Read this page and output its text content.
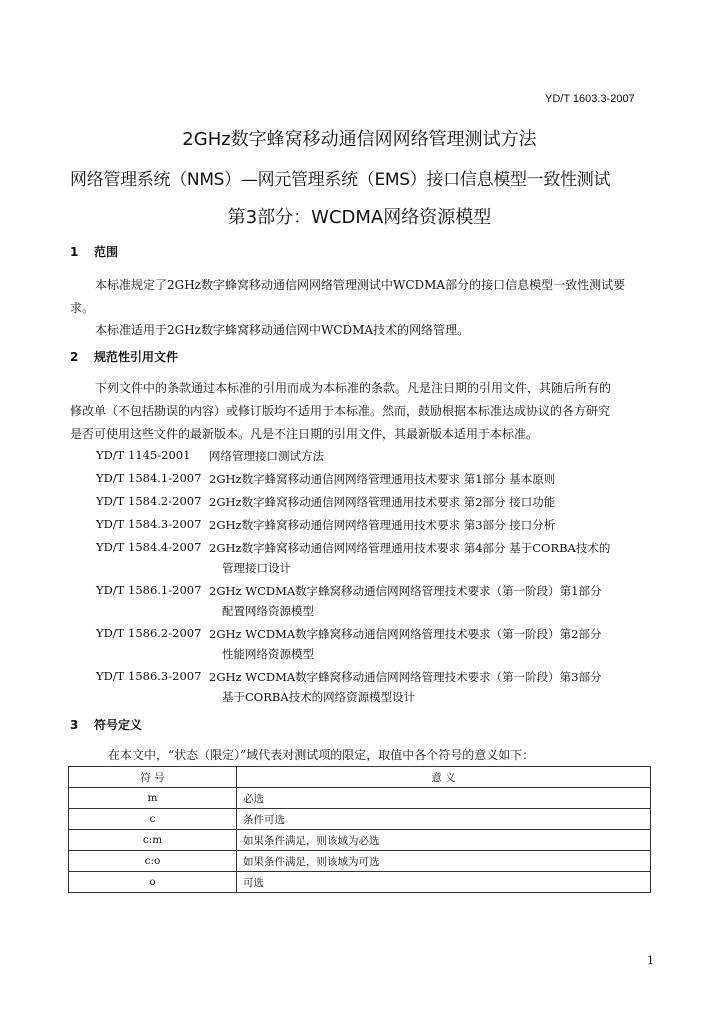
YD/T 1603.3-2007
2GHz数字蜂窝移动通信网网络管理测试方法
网络管理系统（NMS）—网元管理系统（EMS）接口信息模型一致性测试
第3部分：WCDMA网络资源模型
1 范围
本标准规定了2GHz数字蜂窝移动通信网网络管理测试中WCDMA部分的接口信息模型一致性测试要
求。
本标准适用于2GHz数字蜂窝移动通信网中WCDMA技术的网络管理。
2 规范性引用文件
下列文件中的条款通过本标准的引用而成为本标准的条款。凡是注日期的引用文件，其随后所有的
修改单（不包括勘误的内容）或修订版均不适用于本标准。然而，鼓励根据本标准达成协议的各方研究
是否可使用这些文件的最新版本。凡是不注日期的引用文件，其最新版本适用于本标准。
YD/T 1145-2001 网络管理接口测试方法
YD/T 1584.1-2007 2GHz数字蜂窝移动通信网网络管理通用技术要求 第1部分 基本原则
YD/T 1584.2-2007 2GHz数字蜂窝移动通信网网络管理通用技术要求 第2部分 接口功能
YD/T 1584.3-2007 2GHz数字蜂窝移动通信网网络管理通用技术要求 第3部分 接口分析
YD/T 1584.4-2007 2GHz数字蜂窝移动通信网网络管理通用技术要求 第4部分 基于CORBA技术的
管理接口设计
YD/T 1586.1-2007 2GHz WCDMA数字蜂窝移动通信网网络管理技术要求（第一阶段）第1部分
配置网络资源模型
YD/T 1586.2-2007 2GHz WCDMA数字蜂窝移动通信网网络管理技术要求（第一阶段）第2部分
性能网络资源模型
YD/T 1586.3-2007 2GHz WCDMA数字蜂窝移动通信网网络管理技术要求（第一阶段）第3部分
基于CORBA技术的网络资源模型设计
3 符号定义
在本文中，“状态（限定）”域代表对测试项的限定，取值中各个符号的意义如下：
符 号	意 义
m	必选
c	条件可选
c:m	如果条件满足，则该域为必选
c:o	如果条件满足，则该域为可选
o	可选
1
